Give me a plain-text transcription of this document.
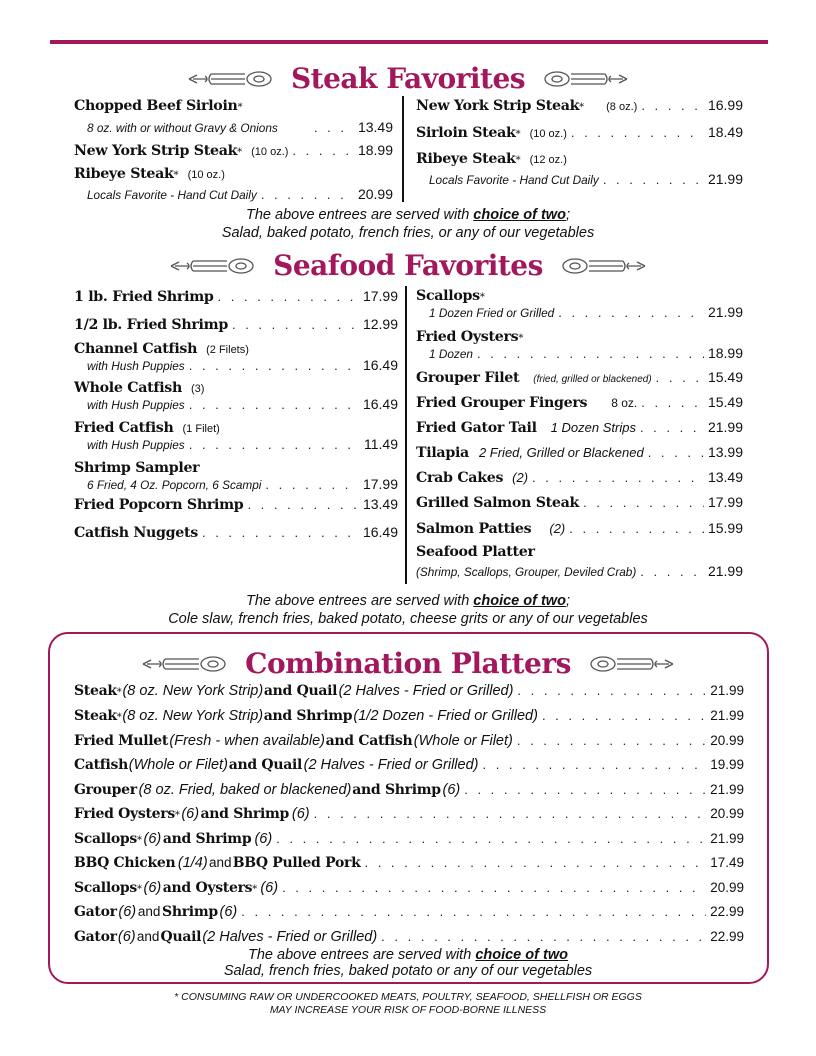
Steak Favorites
Chopped Beef Sirloin *
8 oz. with or without Gravy & Onions . . .	13.49
New York Strip Steak * (10 oz.) . . .	18.99
Ribeye Steak * (10 oz.)
Locals Favorite - Hand Cut Daily . . .	20.99
New York Strip Steak * (8 oz.) . . .	16.99
Sirloin Steak * (10 oz.) . . .	18.49
Ribeye Steak * (12 oz.)
Locals Favorite - Hand Cut Daily . . .	21.99
The above entrees are served with choice of two;
Salad, baked potato, french fries, or any of our vegetables
Seafood Favorites
1 lb. Fried Shrimp . . .	17.99
1/2 lb. Fried Shrimp . . .	12.99
Channel Catfish (2 Filets)
with Hush Puppies . . .	16.49
Whole Catfish (3)
with Hush Puppies . . .	16.49
Fried Catfish (1 Filet)
with Hush Puppies . . .	11.49
Shrimp Sampler
6 Fried, 4 Oz. Popcorn, 6 Scampi . . .	17.99
Fried Popcorn Shrimp . . .	13.49
Catfish Nuggets . . .	16.49
Scallops *
1 Dozen Fried or Grilled . . .	21.99
Fried Oysters *
1 Dozen . . .	18.99
Grouper Filet (fried, grilled or blackened) . . .	15.49
Fried Grouper Fingers 8 oz. . . .	15.49
Fried Gator Tail 1 Dozen Strips . . .	21.99
Tilapia 2 Fried, Grilled or Blackened . . .	13.99
Crab Cakes (2) . . .	13.49
Grilled Salmon Steak . . .	17.99
Salmon Patties (2) . . .	15.99
Seafood Platter
(Shrimp, Scallops, Grouper, Deviled Crab) . . .	21.99
The above entrees are served with choice of two;
Cole slaw, french fries, baked potato, cheese grits or any of our vegetables
Combination Platters
Steak * (8 oz. New York Strip) and Quail (2 Halves - Fried or Grilled) . . .	21.99
Steak * (8 oz. New York Strip) and Shrimp (1/2 Dozen - Fried or Grilled) . . .	21.99
Fried Mullet (Fresh - when available) and Catfish (Whole or Filet) . . .	20.99
Catfish (Whole or Filet) and Quail (2 Halves - Fried or Grilled) . . .	19.99
Grouper (8 oz. Fried, baked or blackened) and Shrimp (6) . . .	21.99
Fried Oysters * (6) and Shrimp (6) . . .	20.99
Scallops * (6) and Shrimp (6) . . .	21.99
BBQ Chicken (1/4) and BBQ Pulled Pork . . .	17.49
Scallops * (6) and Oysters * (6) . . .	20.99
Gator (6) and Shrimp (6) . . .	22.99
Gator (6) and Quail (2 Halves - Fried or Grilled) . . .	22.99
The above entrees are served with choice of two
Salad, french fries, baked potato or any of our vegetables
* CONSUMING RAW OR UNDERCOOKED MEATS, POULTRY, SEAFOOD, SHELLFISH OR EGGS
MAY INCREASE YOUR RISK OF FOOD-BORNE ILLNESS
